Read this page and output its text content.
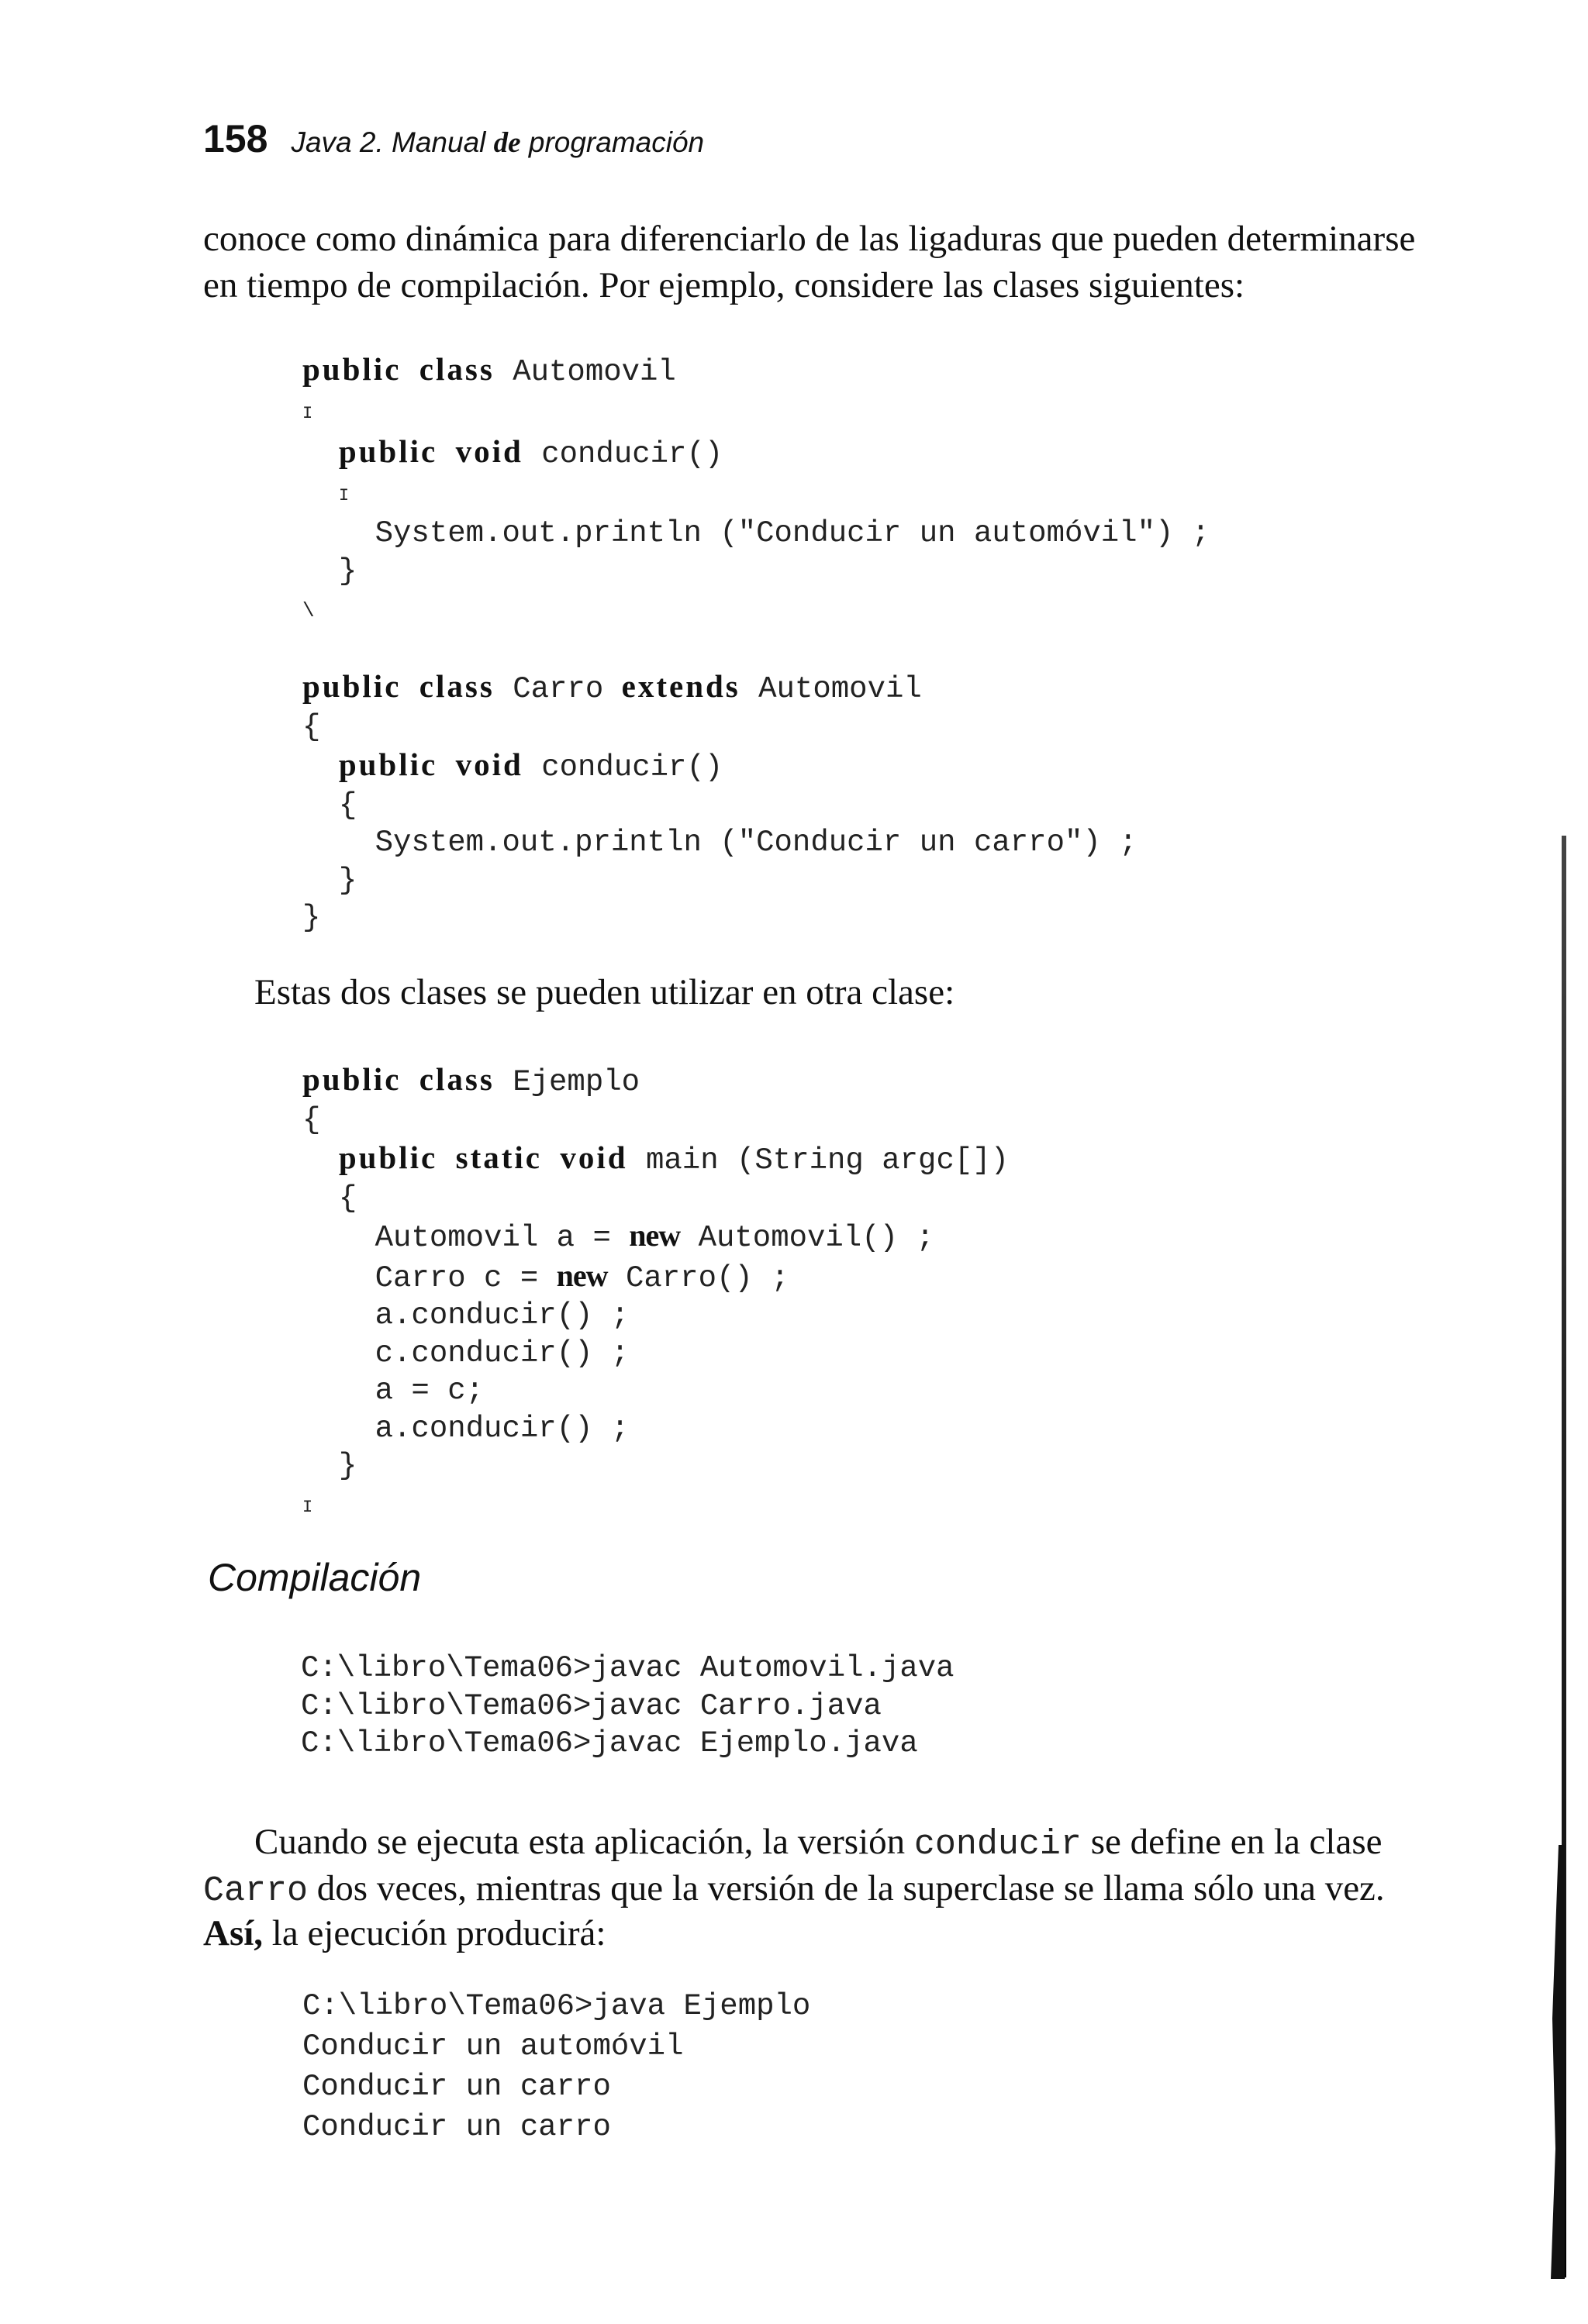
158 Java 2. Manual de programación

conoce como dinámica para diferenciarlo de las ligaduras que pueden determinarse

en tiempo de compilación. Por ejemplo, considere las clases siguientes:

public class Automovil
I
public void conducir()
I
System.out.println ("Conducir un automóvil") ;
}
\

public class Carro extends Automovil
{
public void conducir()
{
System.out.println ("Conducir un carro") ;
}
}

Estas dos clases se pueden utilizar en otra clase:

public class Ejemplo
{
public static void main (String argc[])
{
Automovil a = new Automovil() ;
Carro c = new Carro() ;
a.conducir() ;
c.conducir() ;
a = c;
a.conducir() ;
}
I
Compilación
C:\libro\Tema06>javac Automovil.java
C:\libro\Tema06>javac Carro.java
C:\libro\Tema06>javac Ejemplo.java

Cuando se ejecuta esta aplicación, la versión conducir se define en la clase

Carro dos veces, mientras que la versión de la superclase se llama sólo una vez.

Así, la ejecución producirá:

C:\libro\Tema06>java Ejemplo
Conducir un automóvil
Conducir un carro
Conducir un carro
